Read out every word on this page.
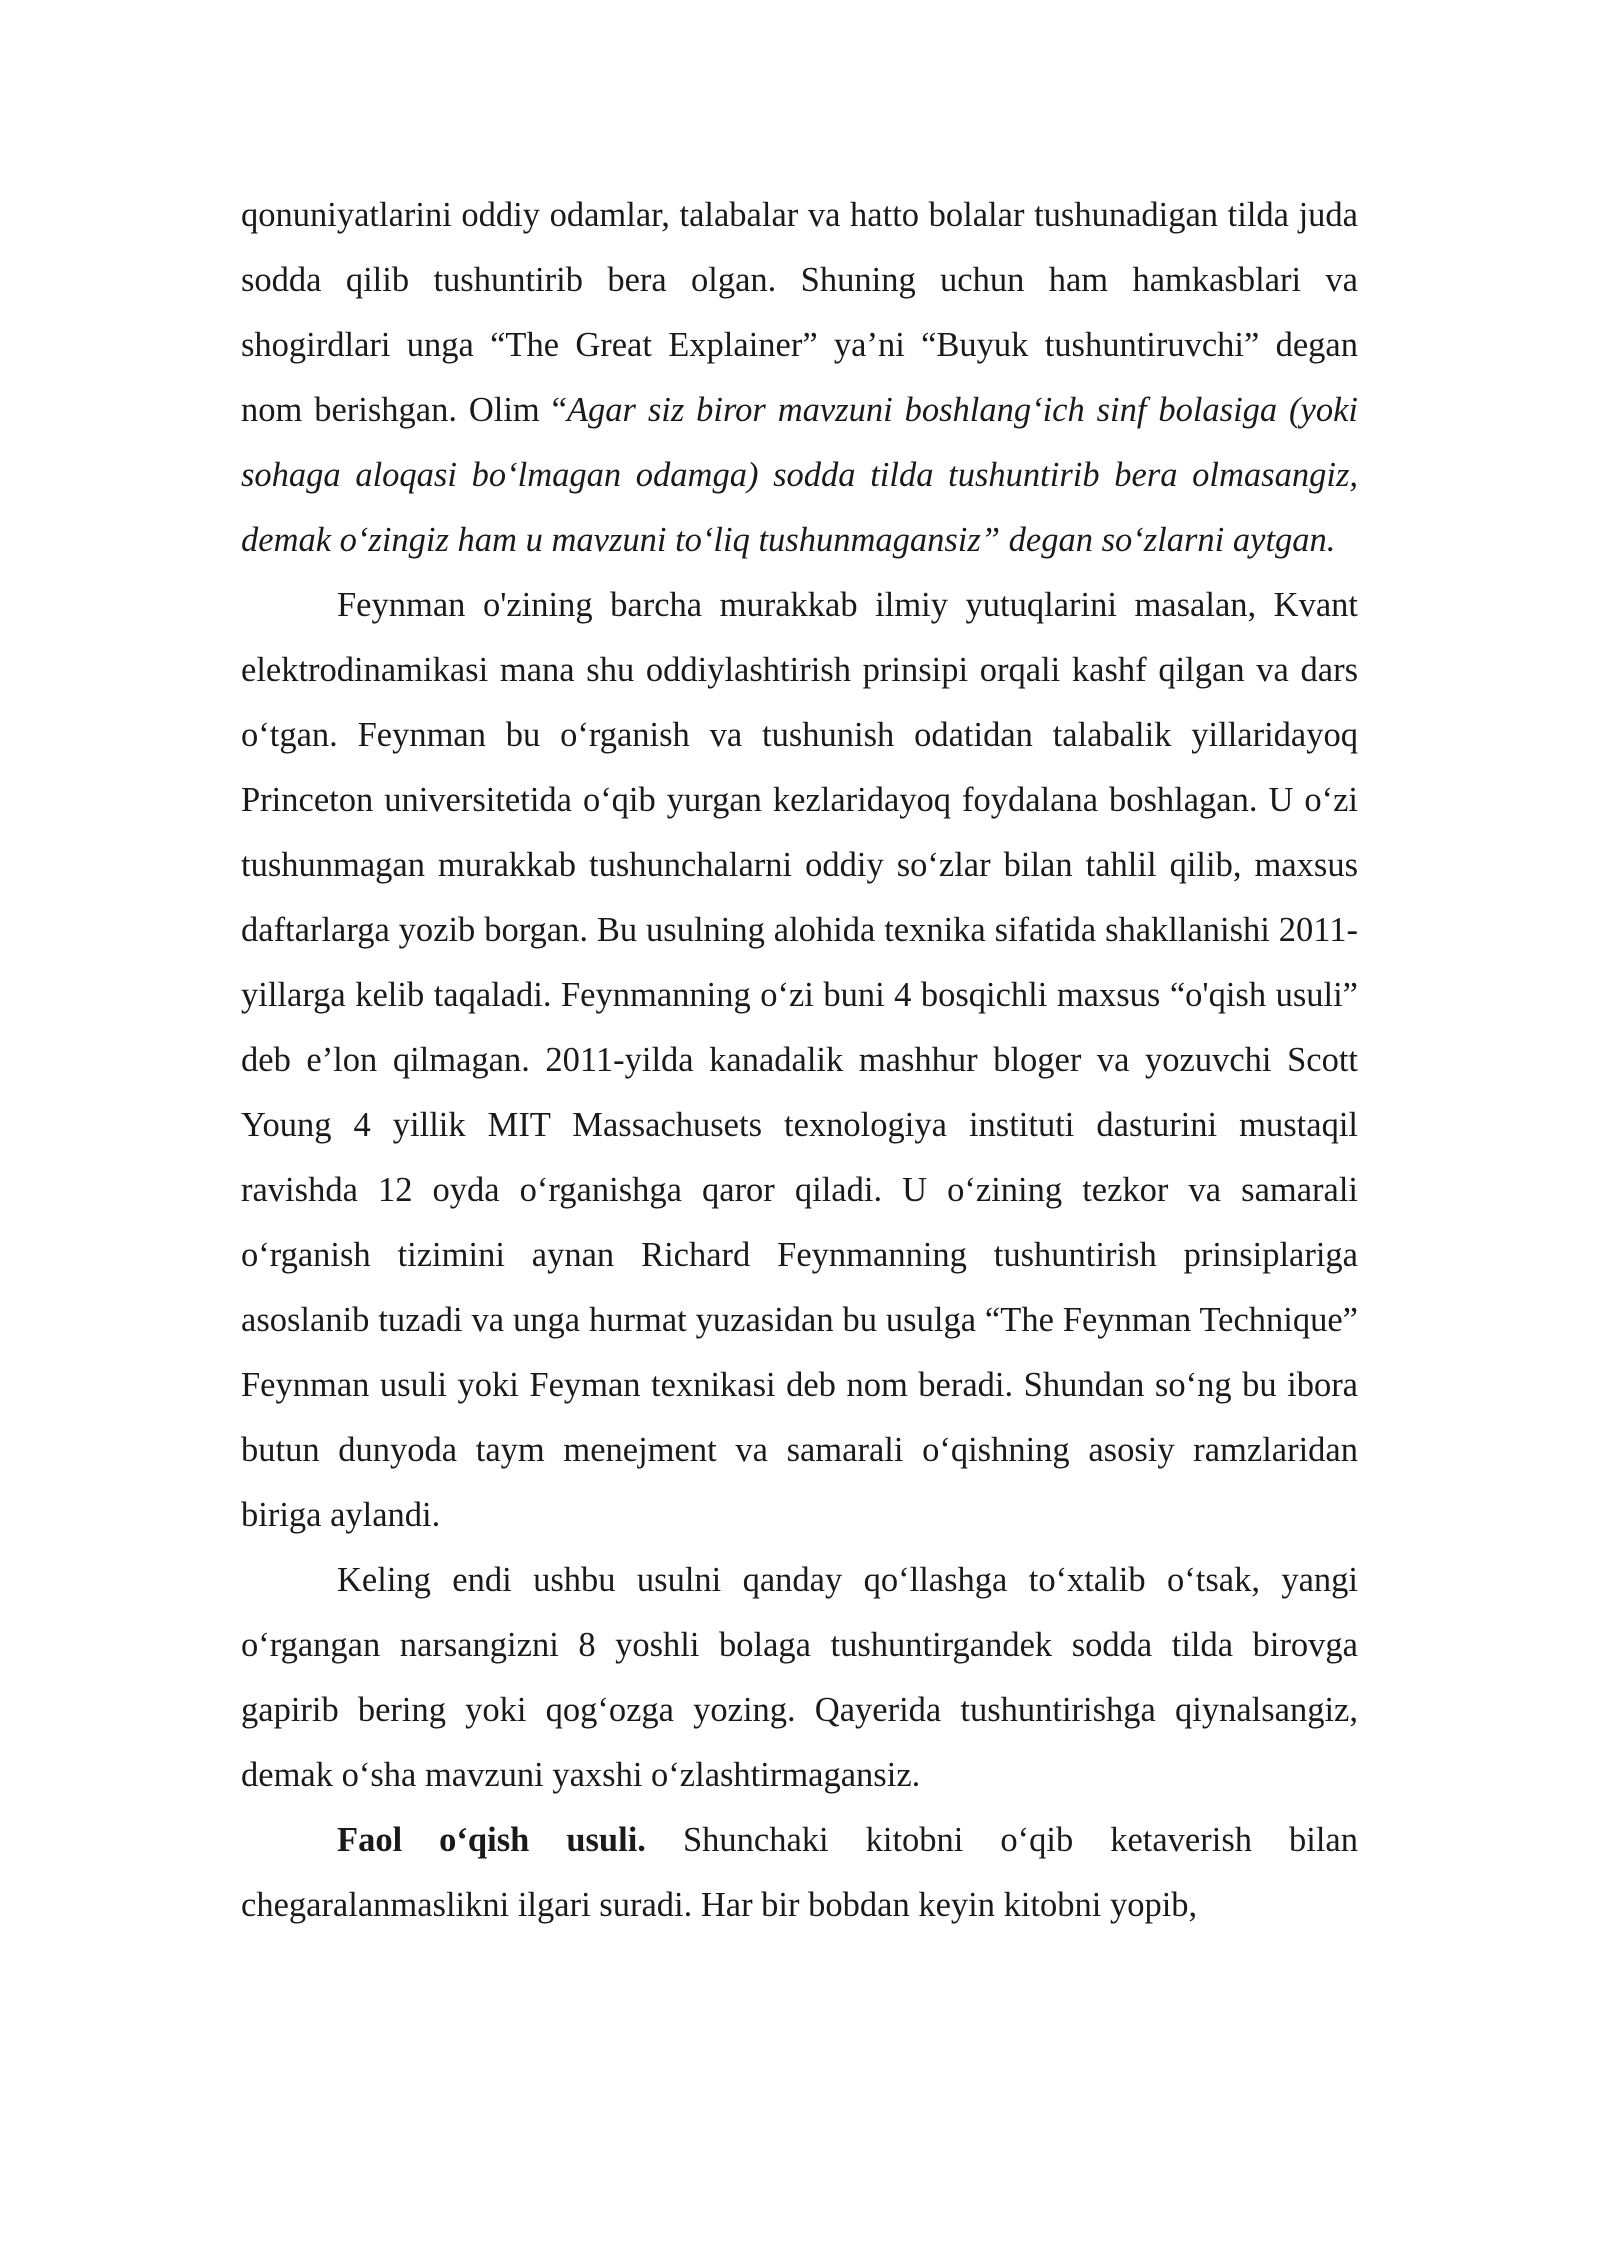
qonuniyatlarini oddiy odamlar, talabalar va hatto bolalar tushunadigan tilda juda sodda qilib tushuntirib bera olgan. Shuning uchun ham hamkasblari va shogirdlari unga “The Great Explainer” ya’ni “Buyuk tushuntiruvchi” degan nom berishgan. Olim “Agar siz biror mavzuni boshlang‘ich sinf bolasiga (yoki sohaga aloqasi bo‘lmagan odamga) sodda tilda tushuntirib bera olmasangiz, demak o‘zingiz ham u mavzuni to‘liq tushunmagansiz” degan so‘zlarni aytgan.

Feynman o'zining barcha murakkab ilmiy yutuqlarini masalan, Kvant elektrodinamikasi mana shu oddiylashtirish prinsipi orqali kashf qilgan va dars o‘tgan. Feynman bu o‘rganish va tushunish odatidan talabalik yillaridayoq Princeton universitetida o‘qib yurgan kezlaridayoq foydalana boshlagan. U o‘zi tushunmagan murakkab tushunchalarni oddiy so‘zlar bilan tahlil qilib, maxsus daftarlarga yozib borgan. Bu usulning alohida texnika sifatida shakllanishi 2011-yillarga kelib taqaladi. Feynmanning o‘zi buni 4 bosqichli maxsus “o'qish usuli” deb e’lon qilmagan. 2011-yilda kanadalik mashhur bloger va yozuvchi Scott Young 4 yillik MIT Massachusets texnologiya instituti dasturini mustaqil ravishda 12 oyda o‘rganishga qaror qiladi. U o‘zining tezkor va samarali o‘rganish tizimini aynan Richard Feynmanning tushuntirish prinsiplariga asoslanib tuzadi va unga hurmat yuzasidan bu usulga “The Feynman Technique” Feynman usuli yoki Feyman texnikasi deb nom beradi. Shundan so‘ng bu ibora butun dunyoda taym menejment va samarali o‘qishning asosiy ramzlaridan biriga aylandi.

Keling endi ushbu usulni qanday qo‘llashga to‘xtalib o‘tsak, yangi o‘rgangan narsangizni 8 yoshli bolaga tushuntirgandek sodda tilda birovga gapirib bering yoki qog‘ozga yozing. Qayerida tushuntirishga qiynalsangiz, demak o‘sha mavzuni yaxshi o‘zlashtirmagansiz.

Faol o‘qish usuli. Shunchaki kitobni o‘qib ketaverish bilan chegaralanmaslikni ilgari suradi. Har bir bobdan keyin kitobni yopib,
